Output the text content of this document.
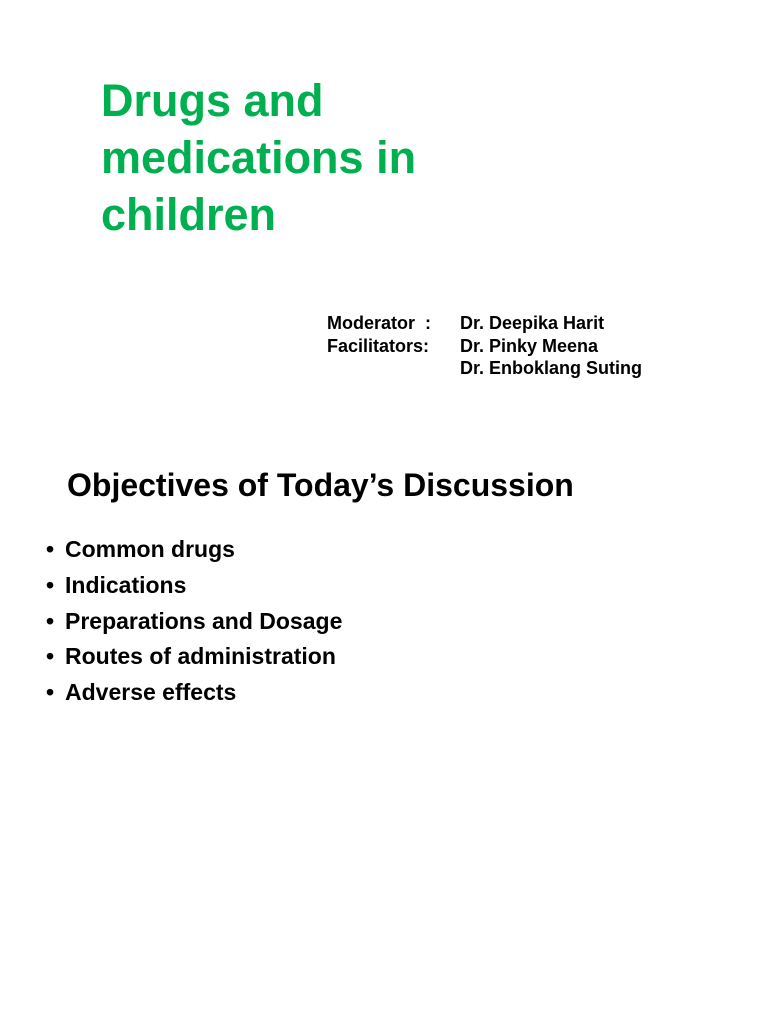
Drugs and
medications in
children
Moderator  :	Dr. Deepika Harit
Facilitators:	Dr. Pinky Meena
Dr. Enboklang Suting
Objectives of Today’s Discussion
• Common drugs
• Indications
• Preparations and Dosage
• Routes of administration
• Adverse effects
